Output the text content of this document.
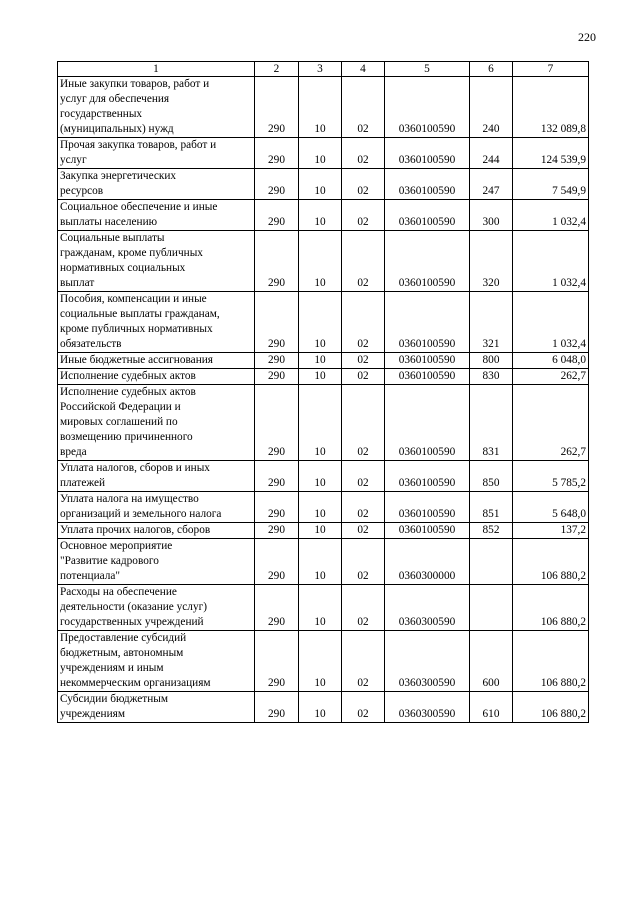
220
1	2	3	4	5	6	7

Иные закупки товаров, работ и
услуг для обеспечения
государственных
(муниципальных) нужд	290	10	02	0360100590	240	132 089,8

Прочая закупка товаров, работ и
услуг	290	10	02	0360100590	244	124 539,9

Закупка энергетических
ресурсов	290	10	02	0360100590	247	7 549,9

Социальное обеспечение и иные
выплаты населению	290	10	02	0360100590	300	1 032,4

Социальные выплаты
гражданам, кроме публичных
нормативных социальных
выплат	290	10	02	0360100590	320	1 032,4

Пособия, компенсации и иные
социальные выплаты гражданам,
кроме публичных нормативных
обязательств	290	10	02	0360100590	321	1 032,4

Иные бюджетные ассигнования	290	10	02	0360100590	800	6 048,0

Исполнение судебных актов	290	10	02	0360100590	830	262,7

Исполнение судебных актов
Российской Федерации и
мировых соглашений по
возмещению причиненного
вреда	290	10	02	0360100590	831	262,7

Уплата налогов, сборов и иных
платежей	290	10	02	0360100590	850	5 785,2

Уплата налога на имущество
организаций и земельного налога	290	10	02	0360100590	851	5 648,0

Уплата прочих налогов, сборов	290	10	02	0360100590	852	137,2

Основное мероприятие
"Развитие кадрового
потенциала"	290	10	02	0360300000		106 880,2

Расходы на обеспечение
деятельности (оказание услуг)
государственных учреждений	290	10	02	0360300590		106 880,2

Предоставление субсидий
бюджетным, автономным
учреждениям и иным
некоммерческим организациям	290	10	02	0360300590	600	106 880,2

Субсидии бюджетным
учреждениям	290	10	02	0360300590	610	106 880,2
